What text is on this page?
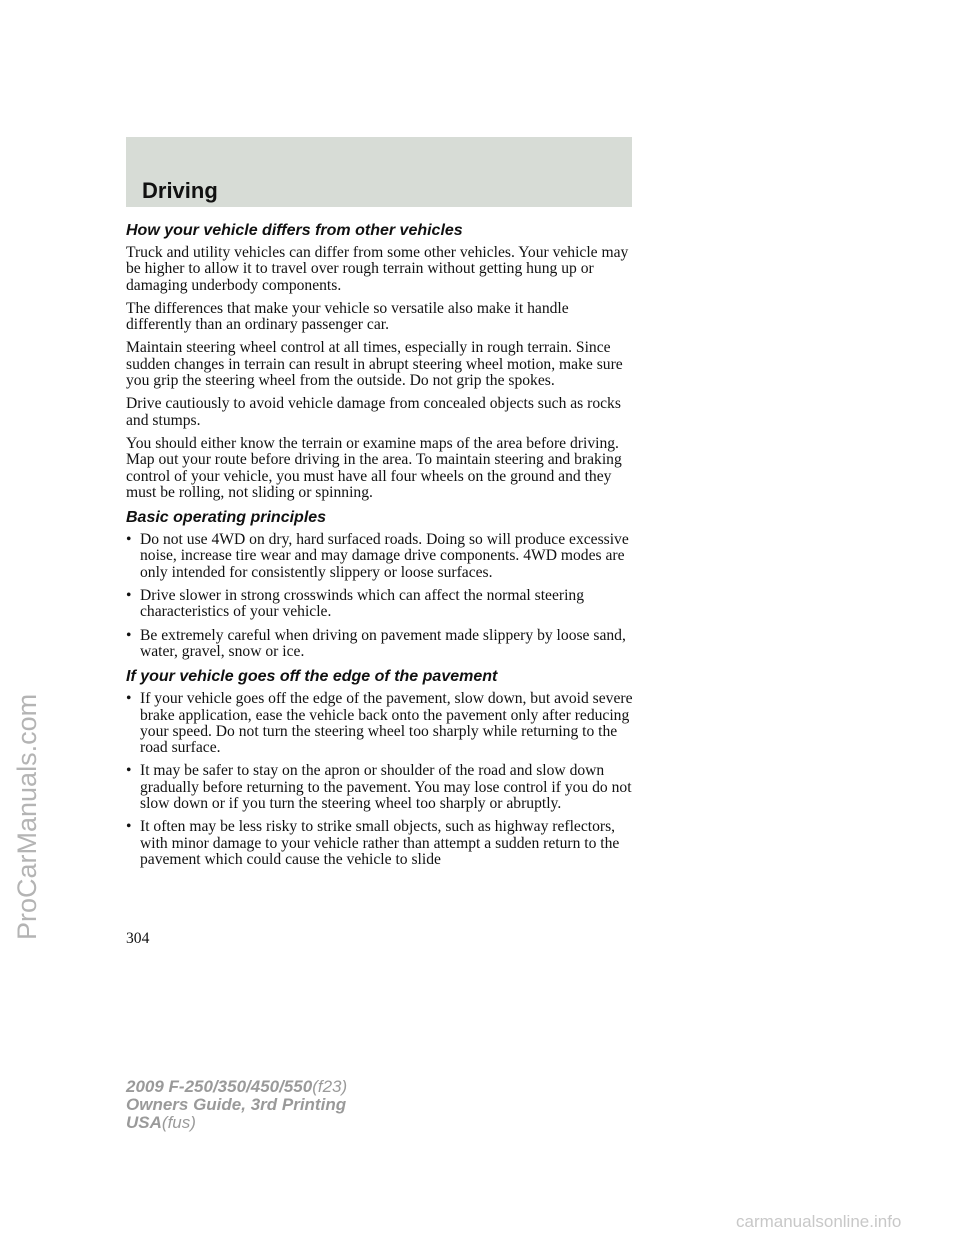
Driving
How your vehicle differs from other vehicles

Truck and utility vehicles can differ from some other vehicles. Your vehicle may be higher to allow it to travel over rough terrain without getting hung up or damaging underbody components.

The differences that make your vehicle so versatile also make it handle differently than an ordinary passenger car.

Maintain steering wheel control at all times, especially in rough terrain. Since sudden changes in terrain can result in abrupt steering wheel motion, make sure you grip the steering wheel from the outside. Do not grip the spokes.

Drive cautiously to avoid vehicle damage from concealed objects such as rocks and stumps.

You should either know the terrain or examine maps of the area before driving. Map out your route before driving in the area. To maintain steering and braking control of your vehicle, you must have all four wheels on the ground and they must be rolling, not sliding or spinning.

Basic operating principles
• Do not use 4WD on dry, hard surfaced roads. Doing so will produce excessive noise, increase tire wear and may damage drive components. 4WD modes are only intended for consistently slippery or loose surfaces.
• Drive slower in strong crosswinds which can affect the normal steering characteristics of your vehicle.
• Be extremely careful when driving on pavement made slippery by loose sand, water, gravel, snow or ice.
If your vehicle goes off the edge of the pavement
• If your vehicle goes off the edge of the pavement, slow down, but avoid severe brake application, ease the vehicle back onto the pavement only after reducing your speed. Do not turn the steering wheel too sharply while returning to the road surface.
• It may be safer to stay on the apron or shoulder of the road and slow down gradually before returning to the pavement. You may lose control if you do not slow down or if you turn the steering wheel too sharply or abruptly.
• It often may be less risky to strike small objects, such as highway reflectors, with minor damage to your vehicle rather than attempt a sudden return to the pavement which could cause the vehicle to slide
304
2009 F-250/350/450/550(f23)
Owners Guide, 3rd Printing
USA(fus)
ProCarManuals.com
carmanualsonline.info
